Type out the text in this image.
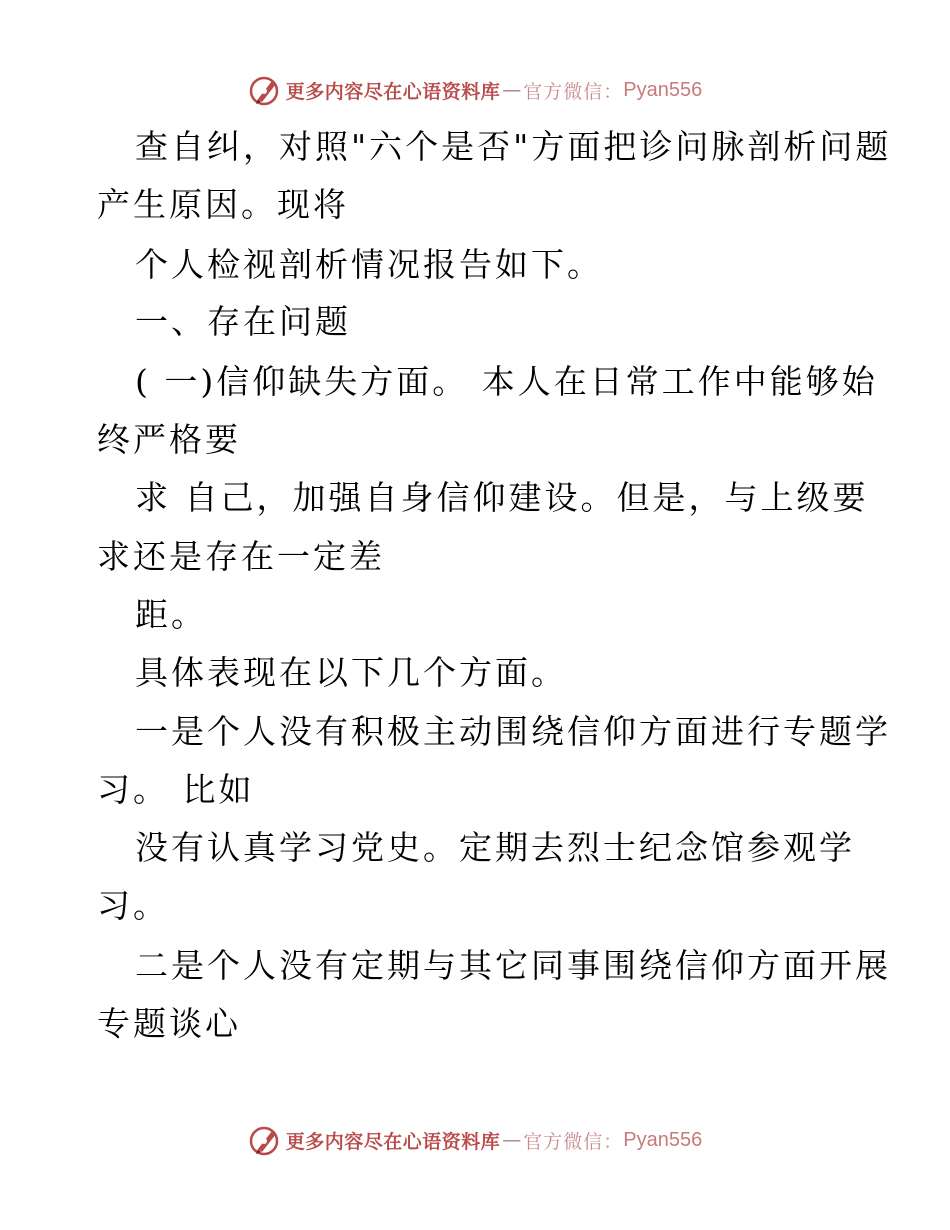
更多内容尽在心语资料库 — 官方微信： Pyan556
查自纠，对照"六个是否"方面把诊问脉剖析问题
产生原因。现将
个人检视剖析情况报告如下。
一、存在问题
( 一)信仰缺失方面。 本人在日常工作中能够始
终严格要
求 自己，加强自身信仰建设。但是，与上级要
求还是存在一定差
距。
具体表现在以下几个方面。
一是个人没有积极主动围绕信仰方面进行专题学
习。 比如
没有认真学习党史。定期去烈士纪念馆参观学
习。
二是个人没有定期与其它同事围绕信仰方面开展
专题谈心
更多内容尽在心语资料库 — 官方微信： Pyan556
